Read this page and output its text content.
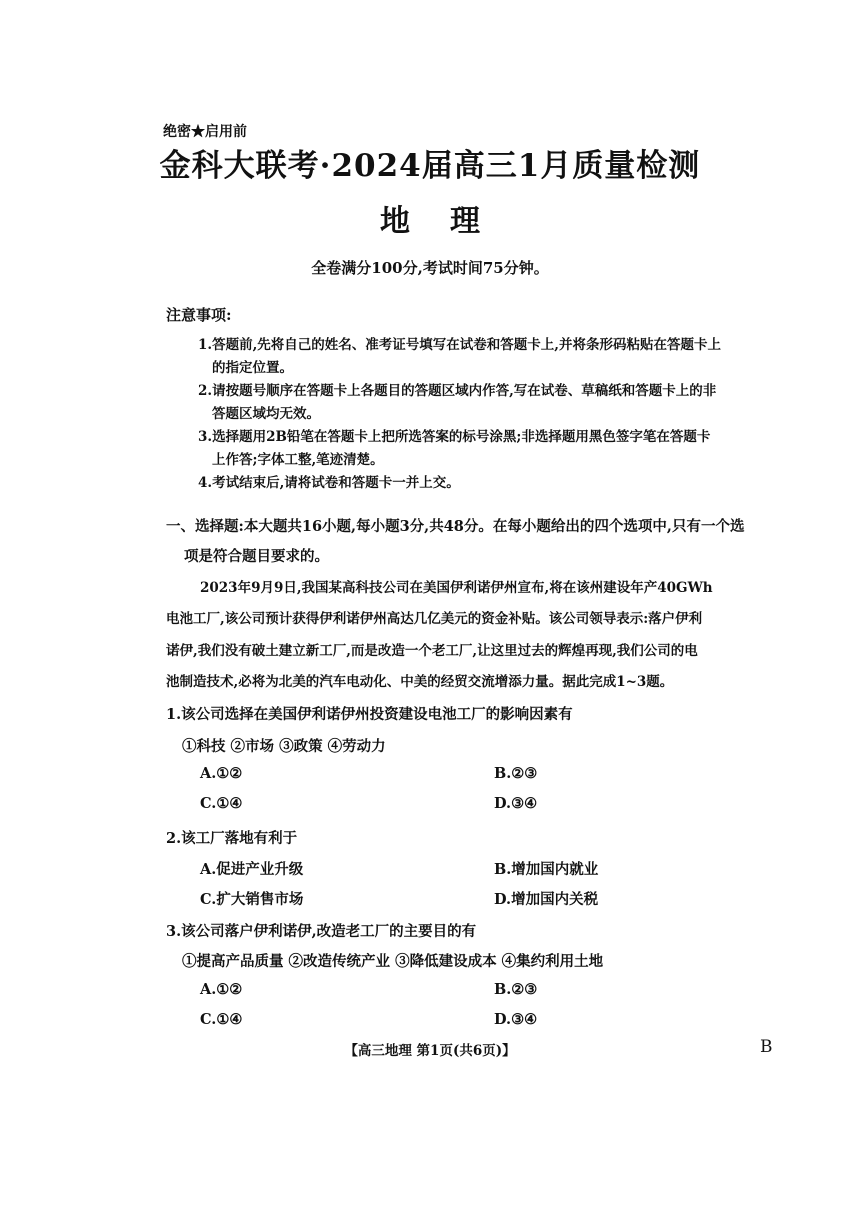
绝密★启用前
金科大联考·2024届高三1月质量检测
地理
全卷满分100分,考试时间75分钟。
注意事项:
1.答题前,先将自己的姓名、准考证号填写在试卷和答题卡上,并将条形码粘贴在答题卡上
的指定位置。
2.请按题号顺序在答题卡上各题目的答题区域内作答,写在试卷、草稿纸和答题卡上的非
答题区域均无效。
3.选择题用2B铅笔在答题卡上把所选答案的标号涂黑;非选择题用黑色签字笔在答题卡
上作答;字体工整,笔迹清楚。
4.考试结束后,请将试卷和答题卡一并上交。
一、选择题:本大题共16小题,每小题3分,共48分。在每小题给出的四个选项中,只有一个选
项是符合题目要求的。
2023年9月9日,我国某高科技公司在美国伊利诺伊州宣布,将在该州建设年产40GWh
电池工厂,该公司预计获得伊利诺伊州高达几亿美元的资金补贴。该公司领导表示:落户伊利
诺伊,我们没有破土建立新工厂,而是改造一个老工厂,让这里过去的辉煌再现,我们公司的电
池制造技术,必将为北美的汽车电动化、中美的经贸交流增添力量。据此完成1~3题。
1.该公司选择在美国伊利诺伊州投资建设电池工厂的影响因素有
①科技 ②市场 ③政策 ④劳动力
A.①②	B.②③
C.①④	D.③④
2.该工厂落地有利于
A.促进产业升级	B.增加国内就业
C.扩大销售市场	D.增加国内关税
3.该公司落户伊利诺伊,改造老工厂的主要目的有
①提高产品质量 ②改造传统产业 ③降低建设成本 ④集约利用土地
A.①②	B.②③
C.①④	D.③④
【高三地理 第1页(共6页)】	B
